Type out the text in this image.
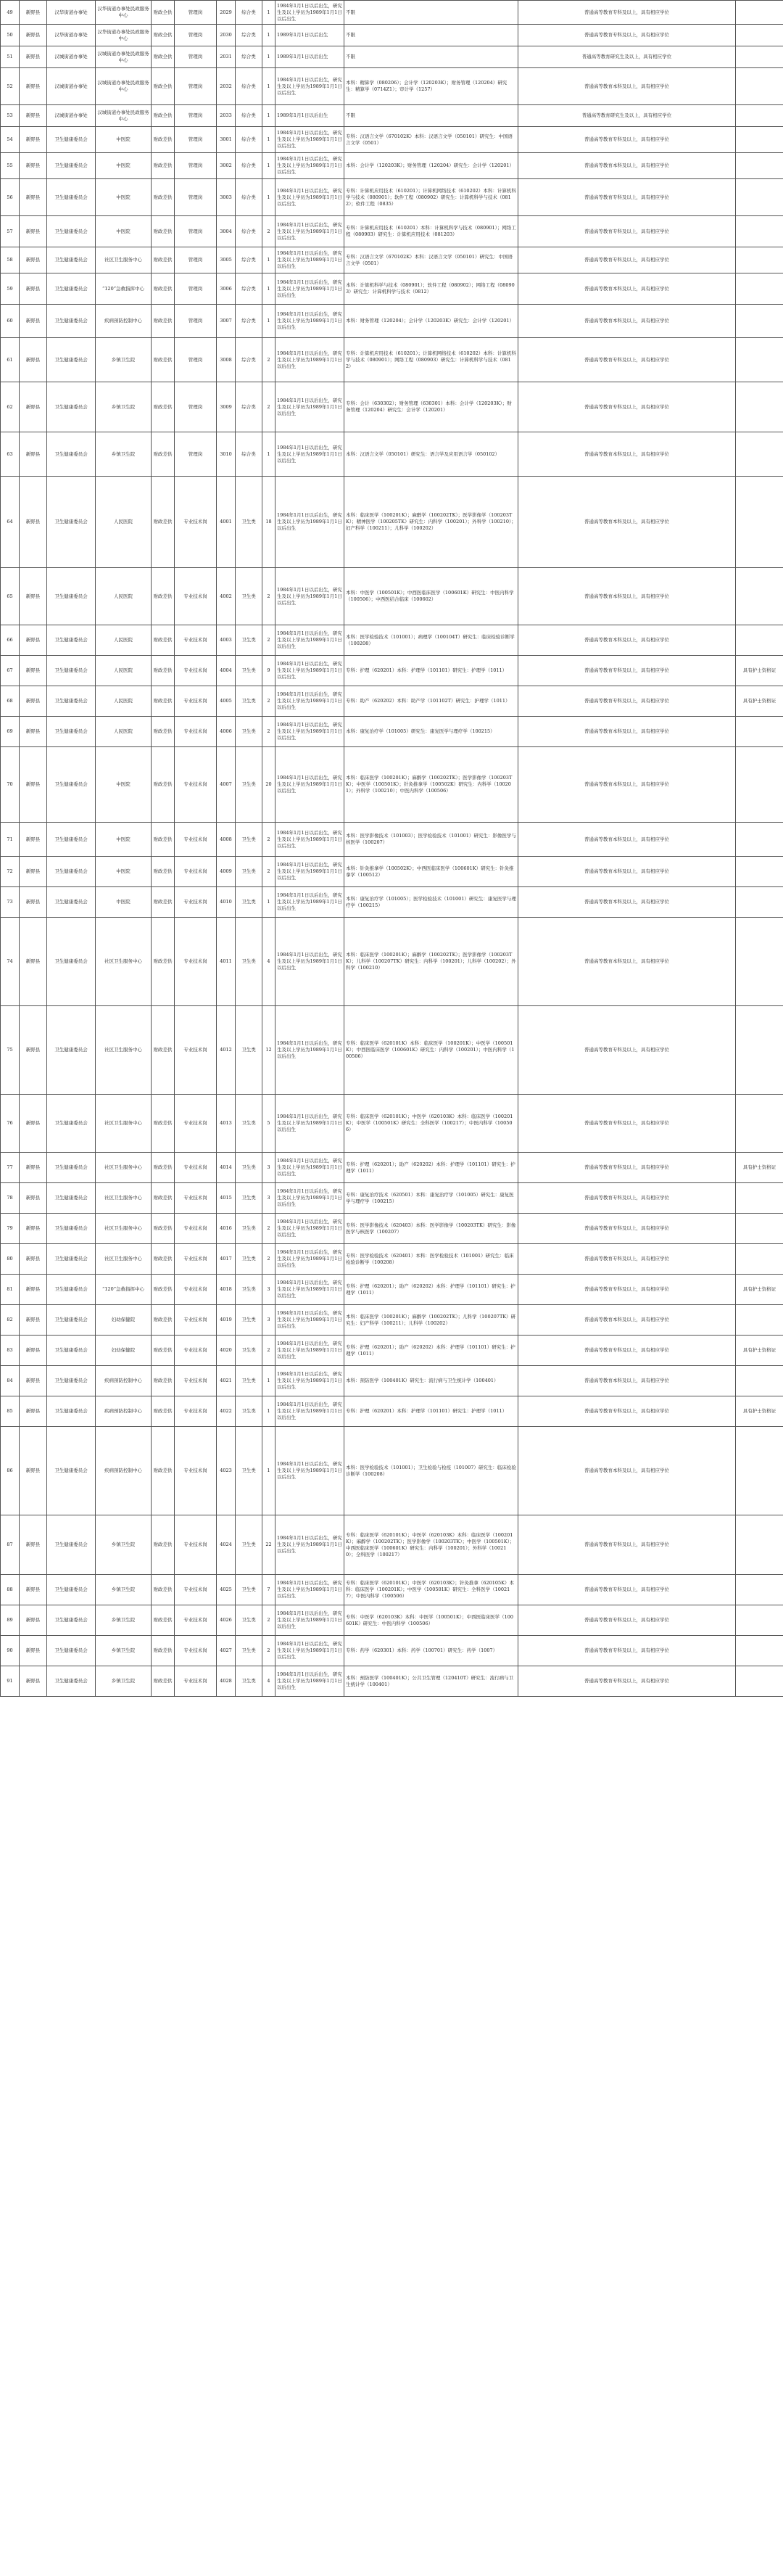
49	新野县	汉华街道办事处	汉华街道办事处民政服务中心	财政全供	管理岗	2029	综合类	1	1984年1月1日以后出生，研究生及以上学历为1989年1月1日以后出生	不限	普通高等教育专科及以上，具有相应学位	
50	新野县	汉华街道办事处	汉华街道办事处民政服务中心	财政全供	管理岗	2030	综合类	1	1989年1月1日以后出生	不限	普通高等教育专科及以上，具有相应学位	
51	新野县	汉城街道办事处	汉城街道办事处民政服务中心	财政全供	管理岗	2031	综合类	1	1989年1月1日以后出生	不限	普通高等教育研究生及以上，具有相应学位	
52	新野县	汉城街道办事处	汉城街道办事处民政服务中心	财政全供	管理岗	2032	综合类	1	1984年1月1日以后出生，研究生及以上学历为1989年1月1日以后出生	本科：精算学（080206）；会计学（120203K）；财务管理（120204）研究生：精算学（0714Z1）；审计学（1257）	普通高等教育本科及以上，具有相应学位	
53	新野县	汉城街道办事处	汉城街道办事处民政服务中心	财政全供	管理岗	2033	综合类	1	1989年1月1日以后出生	不限	普通高等教育研究生及以上，具有相应学位	
54	新野县	卫生健康委员会	中医院	财政差供	管理岗	3001	综合类	1	1984年1月1日以后出生，研究生及以上学历为1989年1月1日以后出生	专科：汉语言文学（670102K）本科：汉语言文学（050101）研究生：中国语言文学（0501）	普通高等教育专科及以上，具有相应学位	
55	新野县	卫生健康委员会	中医院	财政差供	管理岗	3002	综合类	1	1984年1月1日以后出生，研究生及以上学历为1989年1月1日以后出生	本科：会计学（120203K）；财务管理（120204）研究生：会计学（120201）	普通高等教育本科及以上，具有相应学位	
56	新野县	卫生健康委员会	中医院	财政差供	管理岗	3003	综合类	1	1984年1月1日以后出生，研究生及以上学历为1989年1月1日以后出生	专科：计算机应用技术（610201）；计算机网络技术（610202）本科：计算机科学与技术（080901）；软件工程（080902）研究生：计算机科学与技术（0812）；软件工程（0835）	普通高等教育专科及以上，具有相应学位	
57	新野县	卫生健康委员会	中医院	财政差供	管理岗	3004	综合类	2	1984年1月1日以后出生，研究生及以上学历为1989年1月1日以后出生	专科：计算机应用技术（610201）本科：计算机科学与技术（080901）；网络工程（080903）研究生：计算机应用技术（081203）	普通高等教育专科及以上，具有相应学位	
58	新野县	卫生健康委员会	社区卫生服务中心	财政差供	管理岗	3005	综合类	1	1984年1月1日以后出生，研究生及以上学历为1989年1月1日以后出生	专科：汉语言文学（670102K）本科：汉语言文学（050101）研究生：中国语言文学（0501）	普通高等教育专科及以上，具有相应学位	
59	新野县	卫生健康委员会	“120”急救指挥中心	财政差供	管理岗	3006	综合类	1	1984年1月1日以后出生，研究生及以上学历为1989年1月1日以后出生	本科：计算机科学与技术（080901）；软件工程（080902）；网络工程（080903）研究生：计算机科学与技术（0812）	普通高等教育本科及以上，具有相应学位	
60	新野县	卫生健康委员会	疾病预防控制中心	财政差供	管理岗	3007	综合类	1	1984年1月1日以后出生，研究生及以上学历为1989年1月1日以后出生	本科：财务管理（120204）；会计学（120203K）研究生：会计学（120201）	普通高等教育本科及以上，具有相应学位	
61	新野县	卫生健康委员会	乡镇卫生院	财政差供	管理岗	3008	综合类	2	1984年1月1日以后出生，研究生及以上学历为1989年1月1日以后出生	专科：计算机应用技术（610201）；计算机网络技术（610202）本科：计算机科学与技术（080901）；网络工程（080903）研究生：计算机科学与技术（0812）	普通高等教育专科及以上，具有相应学位	
62	新野县	卫生健康委员会	乡镇卫生院	财政差供	管理岗	3009	综合类	2	1984年1月1日以后出生，研究生及以上学历为1989年1月1日以后出生	专科：会计（630302）；财务管理（630301）本科：会计学（120203K）；财务管理（120204）研究生：会计学（120201）	普通高等教育专科及以上，具有相应学位	
63	新野县	卫生健康委员会	乡镇卫生院	财政差供	管理岗	3010	综合类	1	1984年1月1日以后出生，研究生及以上学历为1989年1月1日以后出生	本科：汉语言文学（050101）研究生：语言学及应用语言学（050102）	普通高等教育本科及以上，具有相应学位	
64	新野县	卫生健康委员会	人民医院	财政差供	专业技术岗	4001	卫生类	18	1984年1月1日以后出生，研究生及以上学历为1989年1月1日以后出生	本科：临床医学（100201K）；麻醉学（100202TK）；医学影像学（100203TK）；精神医学（100205TK）研究生：内科学（100201）；外科学（100210）；妇产科学（100211）；儿科学（100202）	普通高等教育本科及以上，具有相应学位	
65	新野县	卫生健康委员会	人民医院	财政差供	专业技术岗	4002	卫生类	2	1984年1月1日以后出生，研究生及以上学历为1989年1月1日以后出生	本科：中医学（100501K）；中西医临床医学（100601K）研究生：中医内科学（100506）；中西医结合临床（100602）	普通高等教育本科及以上，具有相应学位	
66	新野县	卫生健康委员会	人民医院	财政差供	专业技术岗	4003	卫生类	2	1984年1月1日以后出生，研究生及以上学历为1989年1月1日以后出生	本科：医学检验技术（101001）；病理学（100104T）研究生：临床检验诊断学（100208）	普通高等教育本科及以上，具有相应学位	
67	新野县	卫生健康委员会	人民医院	财政差供	专业技术岗	4004	卫生类	9	1984年1月1日以后出生，研究生及以上学历为1989年1月1日以后出生	专科：护理（620201）本科：护理学（101101）研究生：护理学（1011）	普通高等教育专科及以上，具有相应学位	具有护士资格证
68	新野县	卫生健康委员会	人民医院	财政差供	专业技术岗	4005	卫生类	2	1984年1月1日以后出生，研究生及以上学历为1989年1月1日以后出生	专科：助产（620202）本科：助产学（101102T）研究生：护理学（1011）	普通高等教育专科及以上，具有相应学位	具有护士资格证
69	新野县	卫生健康委员会	人民医院	财政差供	专业技术岗	4006	卫生类	2	1984年1月1日以后出生，研究生及以上学历为1989年1月1日以后出生	本科：康复治疗学（101005）研究生：康复医学与理疗学（100215）	普通高等教育本科及以上，具有相应学位	
70	新野县	卫生健康委员会	中医院	财政差供	专业技术岗	4007	卫生类	20	1984年1月1日以后出生，研究生及以上学历为1989年1月1日以后出生	本科：临床医学（100201K）；麻醉学（100202TK）；医学影像学（100203TK）；中医学（100501K）；针灸推拿学（100502K）研究生：内科学（100201）；外科学（100210）；中医内科学（100506）	普通高等教育本科及以上，具有相应学位	
71	新野县	卫生健康委员会	中医院	财政差供	专业技术岗	4008	卫生类	2	1984年1月1日以后出生，研究生及以上学历为1989年1月1日以后出生	本科：医学影像技术（101003）；医学检验技术（101001）研究生：影像医学与核医学（100207）	普通高等教育本科及以上，具有相应学位	
72	新野县	卫生健康委员会	中医院	财政差供	专业技术岗	4009	卫生类	2	1984年1月1日以后出生，研究生及以上学历为1989年1月1日以后出生	本科：针灸推拿学（100502K）；中西医临床医学（100601K）研究生：针灸推拿学（100512）	普通高等教育本科及以上，具有相应学位	
73	新野县	卫生健康委员会	中医院	财政差供	专业技术岗	4010	卫生类	1	1984年1月1日以后出生，研究生及以上学历为1989年1月1日以后出生	本科：康复治疗学（101005）；医学检验技术（101001）研究生：康复医学与理疗学（100215）	普通高等教育本科及以上，具有相应学位	
74	新野县	卫生健康委员会	社区卫生服务中心	财政差供	专业技术岗	4011	卫生类	4	1984年1月1日以后出生，研究生及以上学历为1989年1月1日以后出生	本科：临床医学（100201K）；麻醉学（100202TK）；医学影像学（100203TK）；儿科学（100207TK）研究生：内科学（100201）；儿科学（100202）；外科学（100210）	普通高等教育本科及以上，具有相应学位	
75	新野县	卫生健康委员会	社区卫生服务中心	财政差供	专业技术岗	4012	卫生类	12	1984年1月1日以后出生，研究生及以上学历为1989年1月1日以后出生	专科：临床医学（620101K）本科：临床医学（100201K）；中医学（100501K）；中西医临床医学（100601K）研究生：内科学（100201）；中医内科学（100506）	普通高等教育专科及以上，具有相应学位	
76	新野县	卫生健康委员会	社区卫生服务中心	财政差供	专业技术岗	4013	卫生类	5	1984年1月1日以后出生，研究生及以上学历为1989年1月1日以后出生	专科：临床医学（620101K）；中医学（620103K）本科：临床医学（100201K）；中医学（100501K）研究生：全科医学（100217）；中医内科学（100506）	普通高等教育专科及以上，具有相应学位	
77	新野县	卫生健康委员会	社区卫生服务中心	财政差供	专业技术岗	4014	卫生类	3	1984年1月1日以后出生，研究生及以上学历为1989年1月1日以后出生	专科：护理（620201）；助产（620202）本科：护理学（101101）研究生：护理学（1011）	普通高等教育专科及以上，具有相应学位	具有护士资格证
78	新野县	卫生健康委员会	社区卫生服务中心	财政差供	专业技术岗	4015	卫生类	3	1984年1月1日以后出生，研究生及以上学历为1989年1月1日以后出生	专科：康复治疗技术（620501）本科：康复治疗学（101005）研究生：康复医学与理疗学（100215）	普通高等教育专科及以上，具有相应学位	
79	新野县	卫生健康委员会	社区卫生服务中心	财政差供	专业技术岗	4016	卫生类	2	1984年1月1日以后出生，研究生及以上学历为1989年1月1日以后出生	专科：医学影像技术（620403）本科：医学影像学（100203TK）研究生：影像医学与核医学（100207）	普通高等教育专科及以上，具有相应学位	
80	新野县	卫生健康委员会	社区卫生服务中心	财政差供	专业技术岗	4017	卫生类	2	1984年1月1日以后出生，研究生及以上学历为1989年1月1日以后出生	专科：医学检验技术（620401）本科：医学检验技术（101001）研究生：临床检验诊断学（100208）	普通高等教育专科及以上，具有相应学位	
81	新野县	卫生健康委员会	“120”急救指挥中心	财政差供	专业技术岗	4018	卫生类	3	1984年1月1日以后出生，研究生及以上学历为1989年1月1日以后出生	专科：护理（620201）；助产（620202）本科：护理学（101101）研究生：护理学（1011）	普通高等教育专科及以上，具有相应学位	具有护士资格证
82	新野县	卫生健康委员会	妇幼保健院	财政差供	专业技术岗	4019	卫生类	3	1984年1月1日以后出生，研究生及以上学历为1989年1月1日以后出生	本科：临床医学（100201K）；麻醉学（100202TK）；儿科学（100207TK）研究生：妇产科学（100211）；儿科学（100202）	普通高等教育本科及以上，具有相应学位	
83	新野县	卫生健康委员会	妇幼保健院	财政差供	专业技术岗	4020	卫生类	2	1984年1月1日以后出生，研究生及以上学历为1989年1月1日以后出生	专科：护理（620201）；助产（620202）本科：护理学（101101）研究生：护理学（1011）	普通高等教育专科及以上，具有相应学位	具有护士资格证
84	新野县	卫生健康委员会	疾病预防控制中心	财政差供	专业技术岗	4021	卫生类	1	1984年1月1日以后出生，研究生及以上学历为1989年1月1日以后出生	本科：预防医学（100401K）研究生：流行病与卫生统计学（100401）	普通高等教育本科及以上，具有相应学位	
85	新野县	卫生健康委员会	疾病预防控制中心	财政差供	专业技术岗	4022	卫生类	1	1984年1月1日以后出生，研究生及以上学历为1989年1月1日以后出生	专科：护理（620201）本科：护理学（101101）研究生：护理学（1011）	普通高等教育专科及以上，具有相应学位	具有护士资格证
86	新野县	卫生健康委员会	疾病预防控制中心	财政差供	专业技术岗	4023	卫生类	1	1984年1月1日以后出生，研究生及以上学历为1989年1月1日以后出生	本科：医学检验技术（101001）；卫生检验与检疫（101007）研究生：临床检验诊断学（100208）	普通高等教育本科及以上，具有相应学位	
87	新野县	卫生健康委员会	乡镇卫生院	财政差供	专业技术岗	4024	卫生类	22	1984年1月1日以后出生，研究生及以上学历为1989年1月1日以后出生	专科：临床医学（620101K）；中医学（620103K）本科：临床医学（100201K）；麻醉学（100202TK）；医学影像学（100203TK）；中医学（100501K）；中西医临床医学（100601K）研究生：内科学（100201）；外科学（100210）；全科医学（100217）	普通高等教育专科及以上，具有相应学位	
88	新野县	卫生健康委员会	乡镇卫生院	财政差供	专业技术岗	4025	卫生类	7	1984年1月1日以后出生，研究生及以上学历为1989年1月1日以后出生	专科：临床医学（620101K）；中医学（620103K）；针灸推拿（620105K）本科：临床医学（100201K）；中医学（100501K）研究生：全科医学（100217）；中医内科学（100506）	普通高等教育专科及以上，具有相应学位	
89	新野县	卫生健康委员会	乡镇卫生院	财政差供	专业技术岗	4026	卫生类	2	1984年1月1日以后出生，研究生及以上学历为1989年1月1日以后出生	专科：中医学（620103K）本科：中医学（100501K）；中西医临床医学（100601K）研究生：中医内科学（100506）	普通高等教育专科及以上，具有相应学位	
90	新野县	卫生健康委员会	乡镇卫生院	财政差供	专业技术岗	4027	卫生类	2	1984年1月1日以后出生，研究生及以上学历为1989年1月1日以后出生	专科：药学（620301）本科：药学（100701）研究生：药学（1007）	普通高等教育专科及以上，具有相应学位	
91	新野县	卫生健康委员会	乡镇卫生院	财政差供	专业技术岗	4028	卫生类	4	1984年1月1日以后出生，研究生及以上学历为1989年1月1日以后出生	本科：预防医学（100401K）；公共卫生管理（120410T）研究生：流行病与卫生统计学（100401）	普通高等教育专科及以上，具有相应学位	
